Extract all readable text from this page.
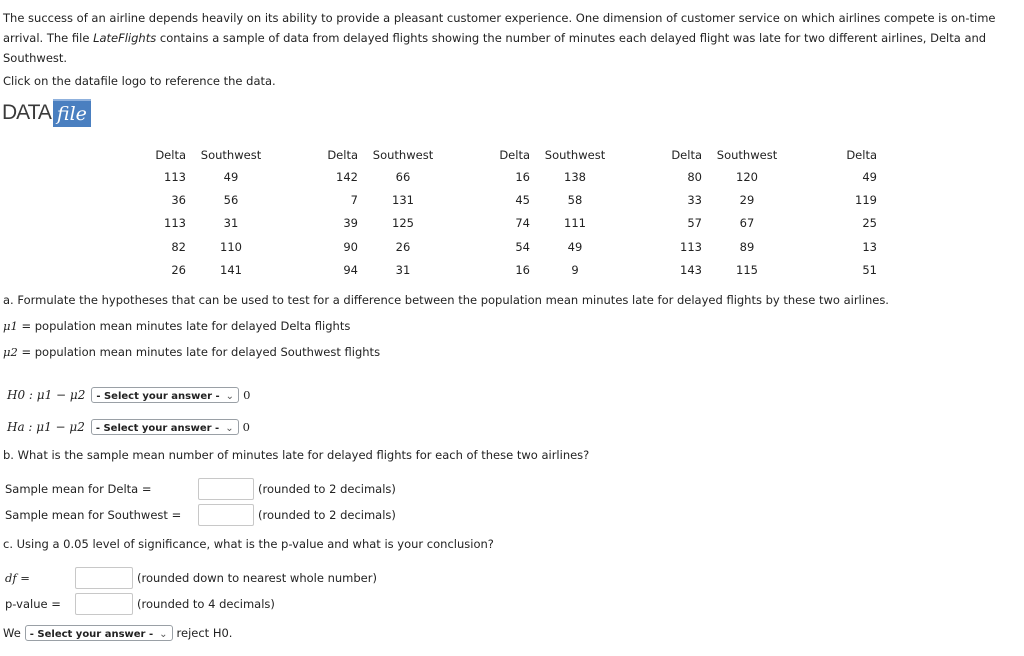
The success of an airline depends heavily on its ability to provide a pleasant customer experience. One dimension of customer service on which airlines compete is on-time arrival. The file LateFlights contains a sample of data from delayed flights showing the number of minutes each delayed flight was late for two different airlines, Delta and Southwest.

Click on the datafile logo to reference the data.

DATA file
Delta	Southwest	Delta	Southwest	Delta	Southwest	Delta	Southwest	Delta
113	49	142	66	16	138	80	120	49
36	56	7	131	45	58	33	29	119
113	31	39	125	74	111	57	67	25
82	110	90	26	54	49	113	89	13
26	141	94	31	16	9	143	115	51

a. Formulate the hypotheses that can be used to test for a difference between the population mean minutes late for delayed flights by these two airlines.

μ1 = population mean minutes late for delayed Delta flights

μ2 = population mean minutes late for delayed Southwest flights

H0 : μ1 − μ2	- Select your answer - ⌄ 0
Ha : μ1 − μ2	- Select your answer - ⌄ 0

b. What is the sample mean number of minutes late for delayed flights for each of these two airlines?

Sample mean for Delta =	(rounded to 2 decimals)
Sample mean for Southwest =	(rounded to 2 decimals)

c. Using a 0.05 level of significance, what is the p-value and what is your conclusion?

df =	(rounded down to nearest whole number)
p-value =	(rounded to 4 decimals)
We - Select your answer - ⌄ reject H0.
